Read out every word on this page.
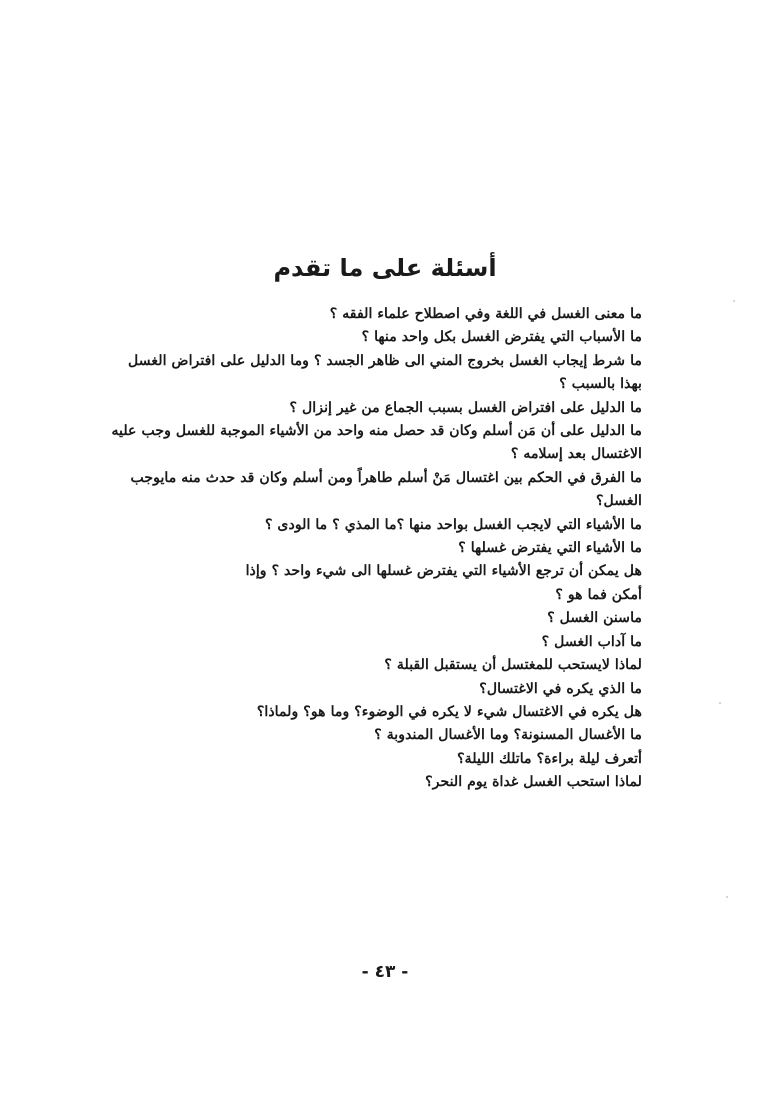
أسئلة على ما تقدم
ما معنى الغسل في اللغة وفي اصطلاح علماء الفقه ؟
ما الأسباب التي يفترض الغسل بكل واحد منها ؟
ما شرط إيجاب الغسل بخروج المني الى ظاهر الجسد ؟ وما الدليل على افتراض الغسل بهذا بالسبب ؟
ما الدليل على افتراض الغسل بسبب الجماع من غير إنزال ؟
ما الدليل على أن مَن أسلم وكان قد حصل منه واحد من الأشياء الموجبة للغسل وجب عليه الاغتسال بعد إسلامه ؟
ما الفرق في الحكم بين اغتسال مَنْ أسلم طاهراً ومن أسلم وكان قد حدث منه مايوجب الغسل؟
ما الأشياء التي لايجب الغسل بواحد منها ؟ما المذي ؟ ما الودى ؟
ما الأشياء التي يفترض غسلها ؟
هل يمكن أن ترجع الأشياء التي يفترض غسلها الى شيء واحد ؟ وإذا أمكن فما هو ؟
ماسنن الغسل ؟
ما آداب الغسل ؟
لماذا لايستحب للمغتسل أن يستقبل القبلة ؟
ما الذي يكره في الاغتسال؟
هل يكره في الاغتسال شيء لا يكره في الوضوء؟ وما هو؟ ولماذا؟
ما الأغسال المسنونة؟ وما الأغسال المندوبة ؟
أتعرف ليلة براءة؟ ماتلك الليلة؟
لماذا استحب الغسل غداة يوم النحر؟
- ٤٣ -
